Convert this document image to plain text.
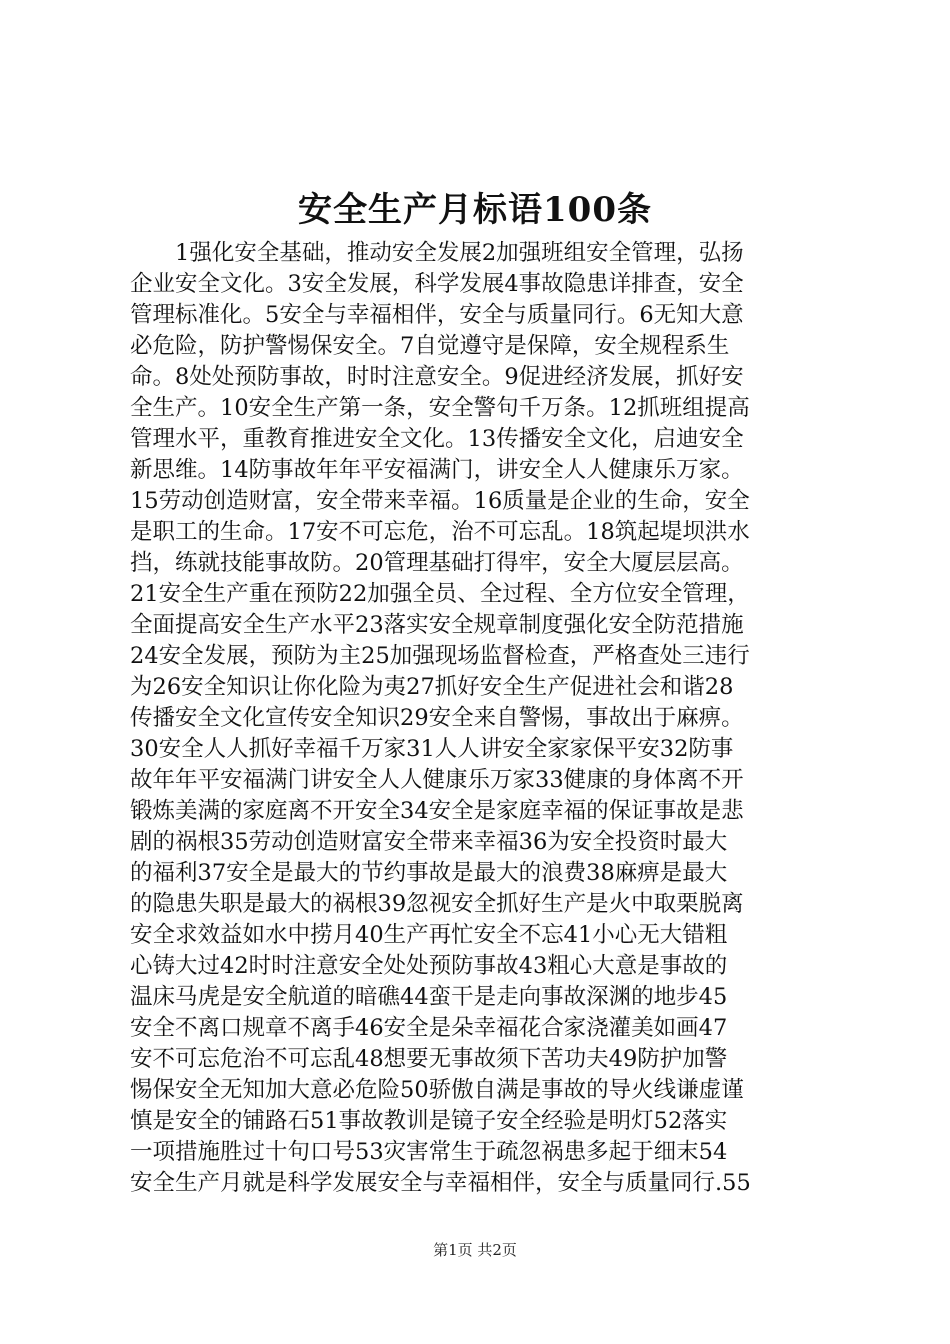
安全生产月标语100条
1强化安全基础，推动安全发展2加强班组安全管理，弘扬
企业安全文化。3安全发展，科学发展4事故隐患详排查，安全
管理标准化。5安全与幸福相伴，安全与质量同行。6无知大意
必危险，防护警惕保安全。7自觉遵守是保障，安全规程系生
命。8处处预防事故，时时注意安全。9促进经济发展，抓好安
全生产。10安全生产第一条，安全警句千万条。12抓班组提高
管理水平，重教育推进安全文化。13传播安全文化，启迪安全
新思维。14防事故年年平安福满门，讲安全人人健康乐万家。
15劳动创造财富，安全带来幸福。16质量是企业的生命，安全
是职工的生命。17安不可忘危，治不可忘乱。18筑起堤坝洪水
挡，练就技能事故防。20管理基础打得牢，安全大厦层层高。
21安全生产重在预防22加强全员、全过程、全方位安全管理，
全面提高安全生产水平23落实安全规章制度强化安全防范措施
24安全发展，预防为主25加强现场监督检查，严格查处三违行
为26安全知识让你化险为夷27抓好安全生产促进社会和谐28
传播安全文化宣传安全知识29安全来自警惕，事故出于麻痹。
30安全人人抓好幸福千万家31人人讲安全家家保平安32防事
故年年平安福满门讲安全人人健康乐万家33健康的身体离不开
锻炼美满的家庭离不开安全34安全是家庭幸福的保证事故是悲
剧的祸根35劳动创造财富安全带来幸福36为安全投资时最大
的福利37安全是最大的节约事故是最大的浪费38麻痹是最大
的隐患失职是最大的祸根39忽视安全抓好生产是火中取栗脱离
安全求效益如水中捞月40生产再忙安全不忘41小心无大错粗
心铸大过42时时注意安全处处预防事故43粗心大意是事故的
温床马虎是安全航道的暗礁44蛮干是走向事故深渊的地步45
安全不离口规章不离手46安全是朵幸福花合家浇灌美如画47
安不可忘危治不可忘乱48想要无事故须下苦功夫49防护加警
惕保安全无知加大意必危险50骄傲自满是事故的导火线谦虚谨
慎是安全的铺路石51事故教训是镜子安全经验是明灯52落实
一项措施胜过十句口号53灾害常生于疏忽祸患多起于细末54
安全生产月就是科学发展安全与幸福相伴，安全与质量同行.55
第1页 共2页
